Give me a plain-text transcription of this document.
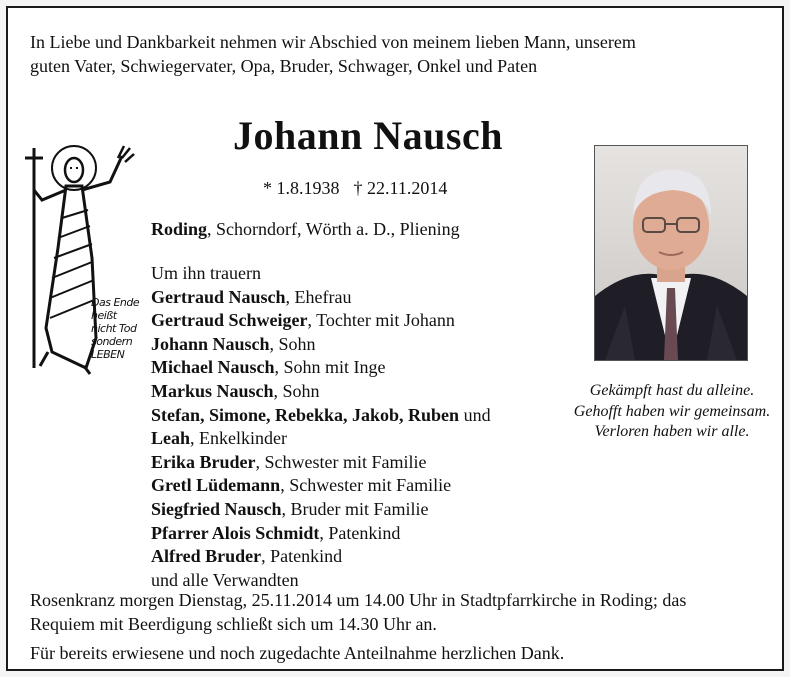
In Liebe und Dankbarkeit nehmen wir Abschied von meinem lieben Mann, unserem
guten Vater, Schwiegervater, Opa, Bruder, Schwager, Onkel und Paten
Johann Nausch
* 1.8.1938 † 22.11.2014
Roding, Schorndorf, Wörth a. D., Pliening
Um ihn trauern
Gertraud Nausch, Ehefrau
Gertraud Schweiger, Tochter mit Johann
Johann Nausch, Sohn
Michael Nausch, Sohn mit Inge
Markus Nausch, Sohn
Stefan, Simone, Rebekka, Jakob, Ruben und
Leah, Enkelkinder
Erika Bruder, Schwester mit Familie
Gretl Lüdemann, Schwester mit Familie
Siegfried Nausch, Bruder mit Familie
Pfarrer Alois Schmidt, Patenkind
Alfred Bruder, Patenkind
und alle Verwandten
Das Ende
heißt
nicht Tod
sondern
LEBEN
Gekämpft hast du alleine.
Gehofft haben wir gemeinsam.
Verloren haben wir alle.
Rosenkranz morgen Dienstag, 25.11.2014 um 14.00 Uhr in Stadtpfarrkirche in Roding; das
Requiem mit Beerdigung schließt sich um 14.30 Uhr an.
Für bereits erwiesene und noch zugedachte Anteilnahme herzlichen Dank.
